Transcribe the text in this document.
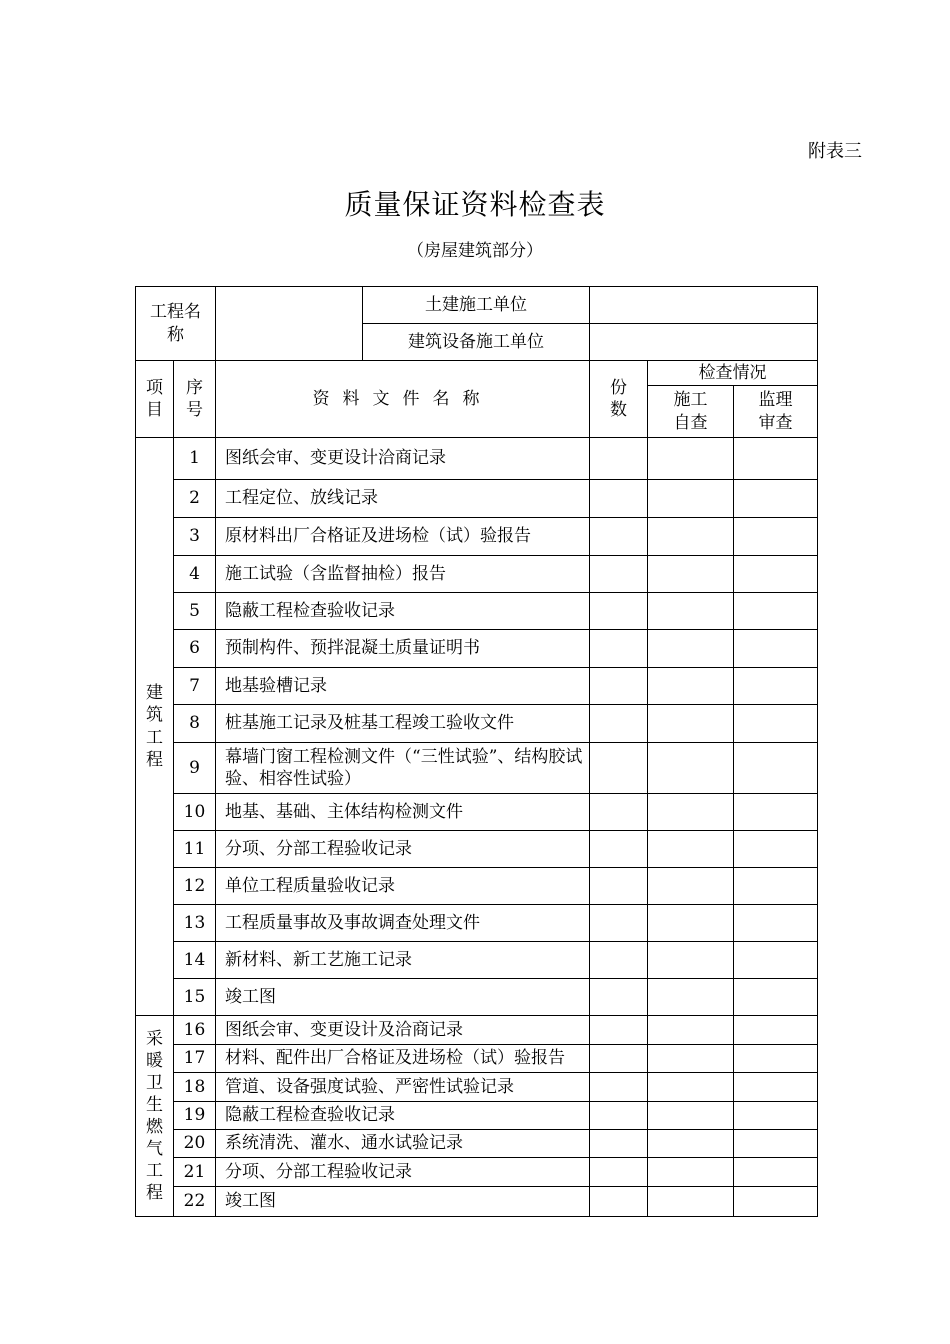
附表三
质量保证资料检查表
（房屋建筑部分）
工程名称			土建施工单位			
			建筑设备施工单位			
项目	序号	资料文件名称		份数	检查情况	
					施工自查	监理审查
建筑工程	1	图纸会审、变更设计洽商记录				
	2	工程定位、放线记录				
	3	原材料出厂合格证及进场检（试）验报告				
	4	施工试验（含监督抽检）报告				
	5	隐蔽工程检查验收记录				
	6	预制构件、预拌混凝土质量证明书				
	7	地基验槽记录				
	8	桩基施工记录及桩基工程竣工验收文件				
	9	幕墙门窗工程检测文件（“三性试验”、结构胶试验、相容性试验）				
	10	地基、基础、主体结构检测文件				
	11	分项、分部工程验收记录				
	12	单位工程质量验收记录				
	13	工程质量事故及事故调查处理文件				
	14	新材料、新工艺施工记录				
	15	竣工图				
采暖卫生燃气工程	16	图纸会审、变更设计及洽商记录				
	17	材料、配件出厂合格证及进场检（试）验报告				
	18	管道、设备强度试验、严密性试验记录				
	19	隐蔽工程检查验收记录				
	20	系统清洗、灌水、通水试验记录				
	21	分项、分部工程验收记录				
	22	竣工图				
